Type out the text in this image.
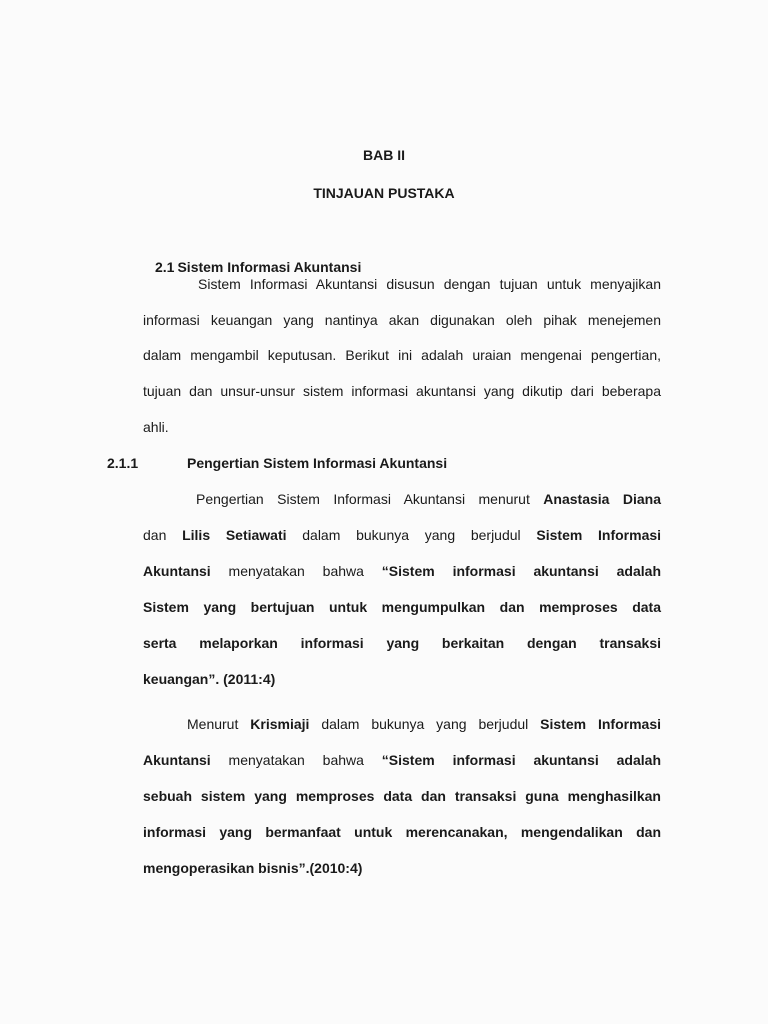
BAB II
TINJAUAN PUSTAKA
2.1 Sistem Informasi Akuntansi
Sistem Informasi Akuntansi disusun dengan tujuan untuk menyajikan
informasi keuangan yang nantinya akan digunakan oleh pihak menejemen
dalam mengambil keputusan. Berikut ini adalah uraian mengenai pengertian,
tujuan dan unsur-unsur sistem informasi akuntansi yang dikutip dari beberapa
ahli.
2.1.1	Pengertian Sistem Informasi Akuntansi
Pengertian Sistem Informasi Akuntansi menurut Anastasia Diana
dan Lilis Setiawati dalam bukunya yang berjudul Sistem Informasi
Akuntansi menyatakan bahwa “Sistem informasi akuntansi adalah
Sistem yang bertujuan untuk mengumpulkan dan memproses data
serta melaporkan informasi yang berkaitan dengan transaksi
keuangan”. (2011:4)
Menurut Krismiaji dalam bukunya yang berjudul Sistem Informasi
Akuntansi menyatakan bahwa “Sistem informasi akuntansi adalah
sebuah sistem yang memproses data dan transaksi guna menghasilkan
informasi yang bermanfaat untuk merencanakan, mengendalikan dan
mengoperasikan bisnis”.(2010:4)
